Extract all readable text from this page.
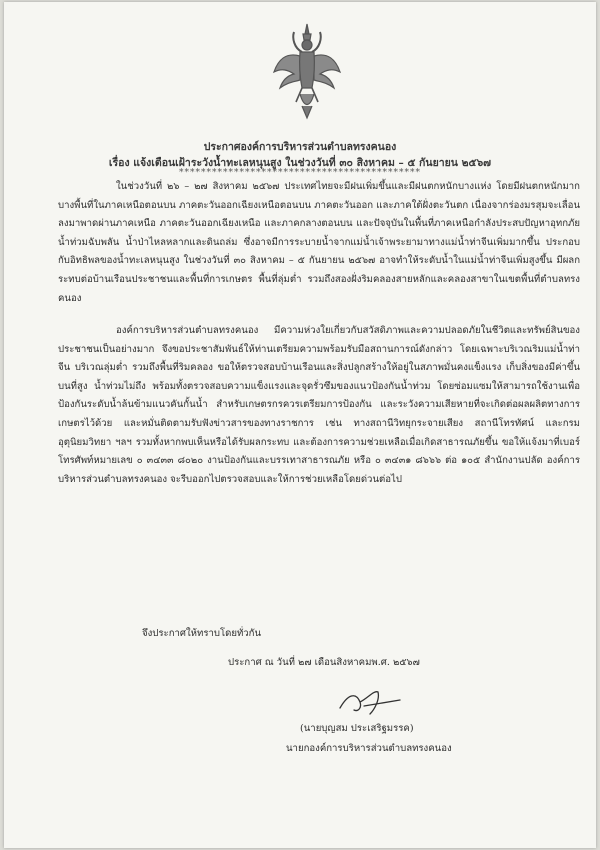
ประกาศองค์การบริหารส่วนตำบลทรงคนอง
เรื่อง แจ้งเตือนเฝ้าระวังน้ำทะเลหนุนสูง ในช่วงวันที่ ๓๐ สิงหาคม – ๕ กันยายน ๒๕๖๗
********************************************

ในช่วงวันที่ ๒๖ – ๒๗ สิงหาคม ๒๕๖๗ ประเทศไทยจะมีฝนเพิ่มขึ้นและมีฝนตกหนักบางแห่ง โดยมีฝนตกหนักมากบางพื้นที่ในภาคเหนือตอนบน ภาคตะวันออกเฉียงเหนือตอนบน ภาคตะวันออก และภาคใต้ฝั่งตะวันตก เนื่องจากร่องมรสุมจะเลื่อนลงมาพาดผ่านภาคเหนือ ภาคตะวันออกเฉียงเหนือ และภาคกลางตอนบน และปัจจุบันในพื้นที่ภาคเหนือกำลังประสบปัญหาอุทกภัย น้ำท่วมฉับพลัน น้ำป่าไหลหลากและดินถล่ม ซึ่งอาจมีการระบายน้ำจากแม่น้ำเจ้าพระยามาทางแม่น้ำท่าจีนเพิ่มมากขึ้น ประกอบกับอิทธิพลของน้ำทะเลหนุนสูง ในช่วงวันที่ ๓๐ สิงหาคม – ๕ กันยายน ๒๕๖๗ อาจทำให้ระดับน้ำในแม่น้ำท่าจีนเพิ่มสูงขึ้น มีผลกระทบต่อบ้านเรือนประชาชนและพื้นที่การเกษตร พื้นที่ลุ่มต่ำ รวมถึงสองฝั่งริมคลองสายหลักและคลองสาขาในเขตพื้นที่ตำบลทรงคนอง

องค์การบริหารส่วนตำบลทรงคนอง มีความห่วงใยเกี่ยวกับสวัสดิภาพและความปลอดภัยในชีวิตและทรัพย์สินของประชาชนเป็นอย่างมาก จึงขอประชาสัมพันธ์ให้ท่านเตรียมความพร้อมรับมือสถานการณ์ดังกล่าว โดยเฉพาะบริเวณริมแม่น้ำท่าจีน บริเวณลุ่มต่ำ รวมถึงพื้นที่ริมคลอง ขอให้ตรวจสอบบ้านเรือนและสิ่งปลูกสร้างให้อยู่ในสภาพมั่นคงแข็งแรง เก็บสิ่งของมีค่าขึ้นบนที่สูง น้ำท่วมไม่ถึง พร้อมทั้งตรวจสอบความแข็งแรงและจุดรั่วซึมของแนวป้องกันน้ำท่วม โดยซ่อมแซมให้สามารถใช้งานเพื่อป้องกันระดับน้ำล้นข้ามแนวคันกั้นน้ำ สำหรับเกษตรกรควรเตรียมการป้องกัน และระวังความเสียหายที่จะเกิดต่อผลผลิตทางการเกษตรไว้ด้วย และหมั่นติดตามรับฟังข่าวสารของทางราชการ เช่น ทางสถานีวิทยุกระจายเสียง สถานีโทรทัศน์ และกรมอุตุนิยมวิทยา ฯลฯ รวมทั้งหากพบเห็นหรือได้รับผลกระทบ และต้องการความช่วยเหลือเมื่อเกิดสาธารณภัยขึ้น ขอให้แจ้งมาที่เบอร์โทรศัพท์หมายเลข ๐ ๓๔๓๓ ๘๐๒๐ งานป้องกันและบรรเทาสาธารณภัย หรือ ๐ ๓๔๓๑ ๘๖๖๖ ต่อ ๑๐๕ สำนักงานปลัด องค์การบริหารส่วนตำบลทรงคนอง จะรีบออกไปตรวจสอบและให้การช่วยเหลือโดยด่วนต่อไป

จึงประกาศให้ทราบโดยทั่วกัน
ประกาศ ณ วันที่ ๒๗ เดือนสิงหาคมพ.ศ. ๒๕๖๗
(นายบุญสม ประเสริฐมรรค)
นายกองค์การบริหารส่วนตำบลทรงคนอง
